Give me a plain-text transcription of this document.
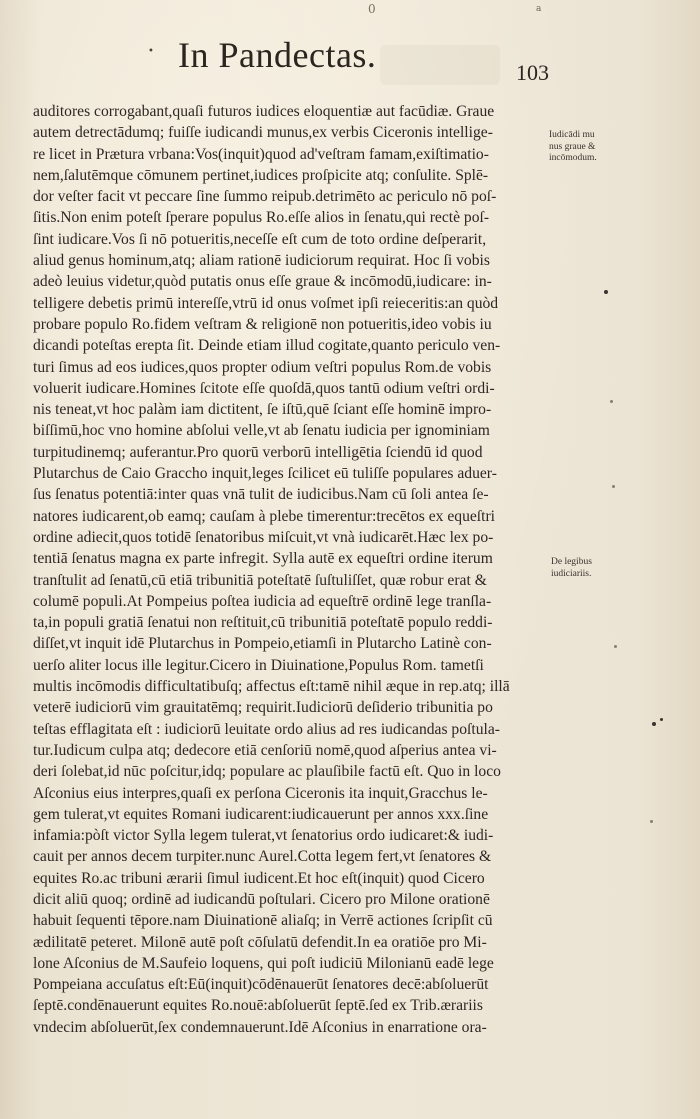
0	a
• In Pandectas.	103
auditores corrogabant,quaſi futuros iudices eloquentiæ aut facūdiæ. Graue
autem detrectādumq; fuiſſe iudicandi munus,ex verbis Ciceronis intellige-
re licet in Prætura vrbana:Vos(inquit)quod ad'veſtram famam,exiſtimatio-
nem,ſalutēmque cōmunem pertinet,iudices proſpicite atq; conſulite. Splē-
dor veſter facit vt peccare ſine ſummo reipub.detrimēto ac periculo nō poſ-
ſitis.Non enim poteſt ſperare populus Ro.eſſe alios in ſenatu,qui rectè poſ-
ſint iudicare.Vos ſi nō potueritis,neceſſe eſt cum de toto ordine deſperarit,
aliud genus hominum,atq; aliam rationē iudiciorum requirat. Hoc ſi vobis
adeò leuius videtur,quòd putatis onus eſſe graue & incōmodū,iudicare: in-
telligere debetis primū intereſſe,vtrū id onus voſmet ipſi reieceritis:an quòd
probare populo Ro.fidem veſtram & religionē non potueritis,ideo vobis iu
dicandi poteſtas erepta ſit. Deinde etiam illud cogitate,quanto periculo ven-
turi ſimus ad eos iudices,quos propter odium veſtri populus Rom.de vobis
voluerit iudicare.Homines ſcitote eſſe quoſdā,quos tantū odium veſtri ordi-
nis teneat,vt hoc palàm iam dictitent, ſe iſtū,quē ſciant eſſe hominē impro-
biſſimū,hoc vno homine abſolui velle,vt ab ſenatu iudicia per ignominiam
turpitudinemq; auferantur.Pro quorū verborū intelligētia ſciendū id quod
Plutarchus de Caio Graccho inquit,leges ſcilicet eū tuliſſe populares aduer-
ſus ſenatus potentiā:inter quas vnā tulit de iudicibus.Nam cū ſoli antea ſe-
natores iudicarent,ob eamq; cauſam à plebe timerentur:trecētos ex equeſtri
ordine adiecit,quos totidē ſenatoribus miſcuit,vt vnà iudicarēt.Hæc lex po-
tentiā ſenatus magna ex parte infregit. Sylla autē ex equeſtri ordine iterum
tranſtulit ad ſenatū,cū etiā tribunitiā poteſtatē ſuſtuliſſet, quæ robur erat &
columē populi.At Pompeius poſtea iudicia ad equeſtrē ordinē lege tranſla-
ta,in populi gratiā ſenatui non reſtituit,cū tribunitiā poteſtatē populo reddi-
diſſet,vt inquit idē Plutarchus in Pompeio,etiamſi in Plutarcho Latinè con-
uerſo aliter locus ille legitur.Cicero in Diuinatione,Populus Rom. tametſi
multis incōmodis difficultatibuſq; affectus eſt:tamē nihil æque in rep.atq; illā
veterē iudiciorū vim grauitatēmq; requirit.Iudiciorū deſiderio tribunitia po
teſtas efflagitata eſt : iudiciorū leuitate ordo alius ad res iudicandas poſtula-
tur.Iudicum culpa atq; dedecore etiā cenſoriū nomē,quod aſperius antea vi-
deri ſolebat,id nūc poſcitur,idq; populare ac plauſibile factū eſt. Quo in loco
Aſconius eius interpres,quaſi ex perſona Ciceronis ita inquit,Gracchus le-
gem tulerat,vt equites Romani iudicarent:iudicauerunt per annos xxx.ſine
infamia:pòſt victor Sylla legem tulerat,vt ſenatorius ordo iudicaret:& iudi-
cauit per annos decem turpiter.nunc Aurel.Cotta legem fert,vt ſenatores &
equites Ro.ac tribuni ærarii ſimul iudicent.Et hoc eſt(inquit) quod Cicero
dicit aliū quoq; ordinē ad iudicandū poſtulari. Cicero pro Milone orationē
habuit ſequenti tēpore.nam Diuinationē aliaſq; in Verrē actiones ſcripſit cū
ædilitatē peteret. Milonē autē poſt cōſulatū defendit.In ea oratiōe pro Mi-
lone Aſconius de M.Saufeio loquens, qui poſt iudiciū Milonianū eadē lege
Pompeiana accuſatus eſt:Eū(inquit)cōdēnauerūt ſenatores decē:abſoluerūt
ſeptē.condēnauerunt equites Ro.nouē:abſoluerūt ſeptē.ſed ex Trib.ærariis
vndecim abſoluerūt,ſex condemnauerunt.Idē Aſconius in enarratione ora-
Iudicādi mu
nus graue &
incōmodum.
De legibus
iudiciariis.
